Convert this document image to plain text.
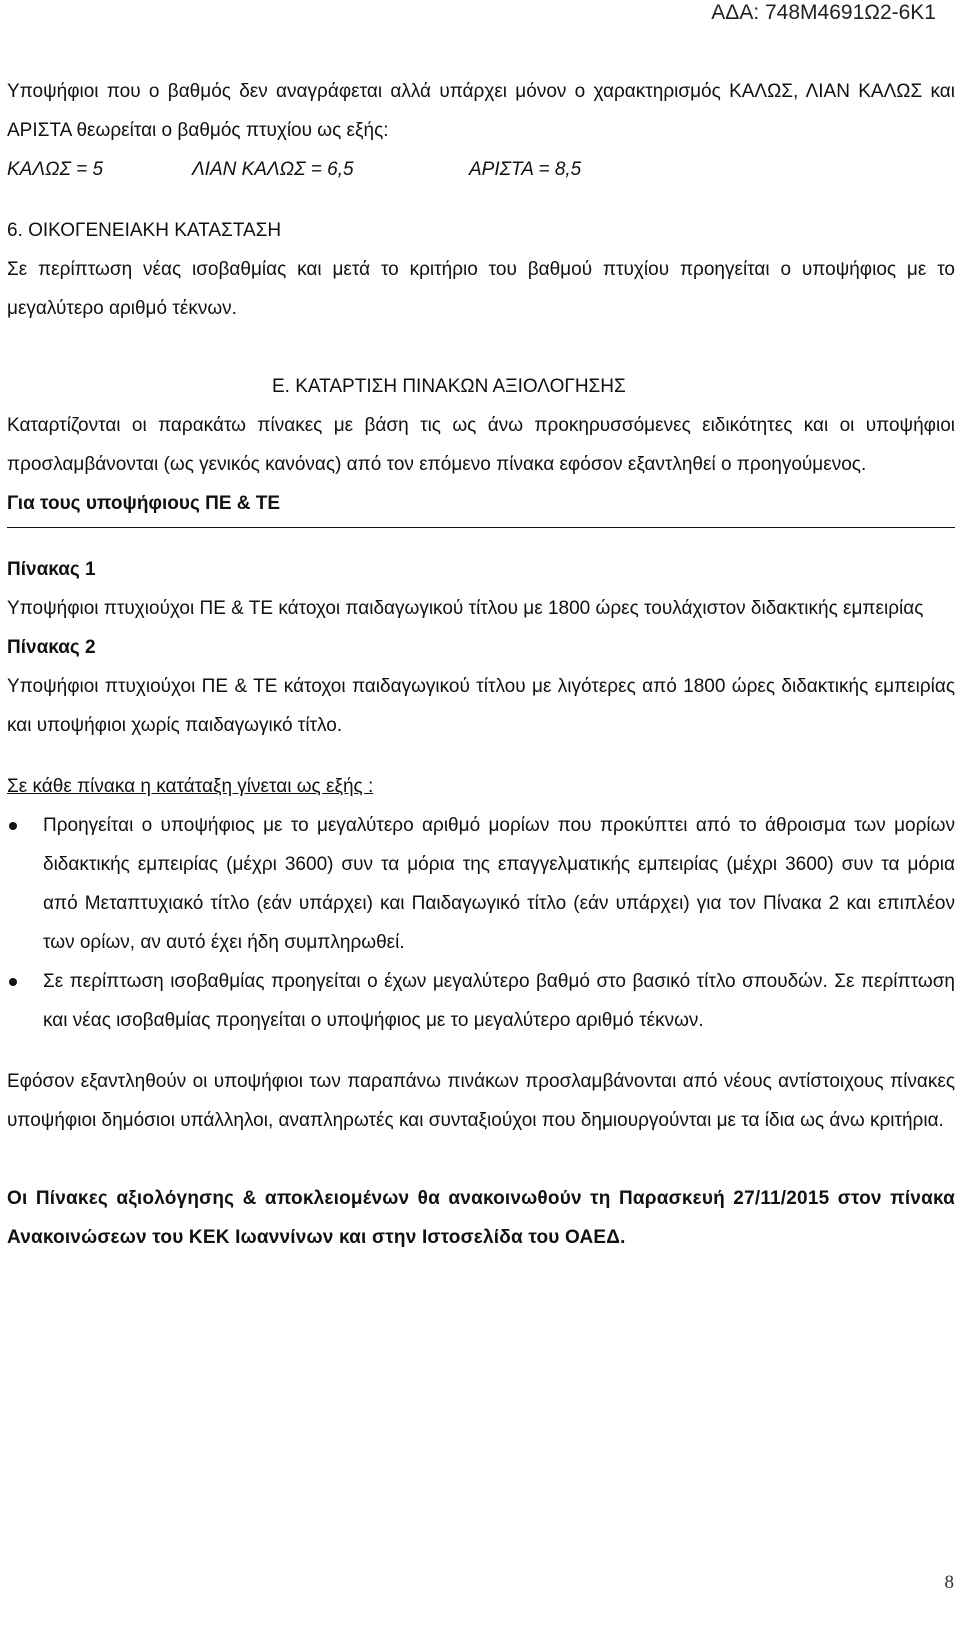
ΑΔΑ: 748Μ4691Ω2-6Κ1

Υποψήφιοι που ο βαθμός δεν αναγράφεται αλλά υπάρχει μόνον ο χαρακτηρισμός ΚΑΛΩΣ, ΛΙΑΝ ΚΑΛΩΣ και ΑΡΙΣΤΑ θεωρείται ο βαθμός πτυχίου ως εξής:

ΚΑΛΩΣ = 5	ΛΙΑΝ ΚΑΛΩΣ = 6,5	ΑΡΙΣΤΑ = 8,5

6. ΟΙΚΟΓΕΝΕΙΑΚΗ ΚΑΤΑΣΤΑΣΗ

Σε περίπτωση νέας ισοβαθμίας και μετά το κριτήριο του βαθμού πτυχίου προηγείται ο υποψήφιος με το μεγαλύτερο αριθμό τέκνων.

Ε. ΚΑΤΑΡΤΙΣΗ ΠΙΝΑΚΩΝ ΑΞΙΟΛΟΓΗΣΗΣ

Καταρτίζονται οι παρακάτω πίνακες με βάση τις ως άνω προκηρυσσόμενες ειδικότητες και οι υποψήφιοι προσλαμβάνονται (ως γενικός κανόνας) από τον επόμενο πίνακα εφόσον εξαντληθεί ο προηγούμενος.

Για τους υποψήφιους ΠΕ & ΤΕ

Πίνακας 1

Υποψήφιοι πτυχιούχοι ΠΕ & ΤΕ κάτοχοι παιδαγωγικού τίτλου με 1800 ώρες τουλάχιστον διδακτικής εμπειρίας

Πίνακας 2

Υποψήφιοι πτυχιούχοι ΠΕ & ΤΕ κάτοχοι παιδαγωγικού τίτλου με λιγότερες από 1800 ώρες διδακτικής εμπειρίας και υποψήφιοι χωρίς παιδαγωγικό τίτλο.

Σε κάθε πίνακα η κατάταξη γίνεται ως εξής :

Προηγείται ο υποψήφιος με το μεγαλύτερο αριθμό μορίων που προκύπτει από το άθροισμα των μορίων διδακτικής εμπειρίας (μέχρι 3600) συν τα μόρια της επαγγελματικής εμπειρίας (μέχρι 3600) συν τα μόρια από Μεταπτυχιακό τίτλο (εάν υπάρχει) και Παιδαγωγικό τίτλο (εάν υπάρχει) για τον Πίνακα 2 και επιπλέον των ορίων, αν αυτό έχει ήδη συμπληρωθεί.
Σε περίπτωση ισοβαθμίας προηγείται ο έχων μεγαλύτερο βαθμό στο βασικό τίτλο σπουδών. Σε περίπτωση και νέας ισοβαθμίας προηγείται ο υποψήφιος με το μεγαλύτερο αριθμό τέκνων.

Εφόσον εξαντληθούν οι υποψήφιοι των παραπάνω πινάκων προσλαμβάνονται από νέους αντίστοιχους πίνακες υποψήφιοι δημόσιοι υπάλληλοι, αναπληρωτές και συνταξιούχοι που δημιουργούνται με τα ίδια ως άνω κριτήρια.

Οι Πίνακες αξιολόγησης & αποκλειομένων θα ανακοινωθούν τη Παρασκευή 27/11/2015 στον πίνακα Ανακοινώσεων του ΚΕΚ Ιωαννίνων και στην Ιστοσελίδα του ΟΑΕΔ.

8
